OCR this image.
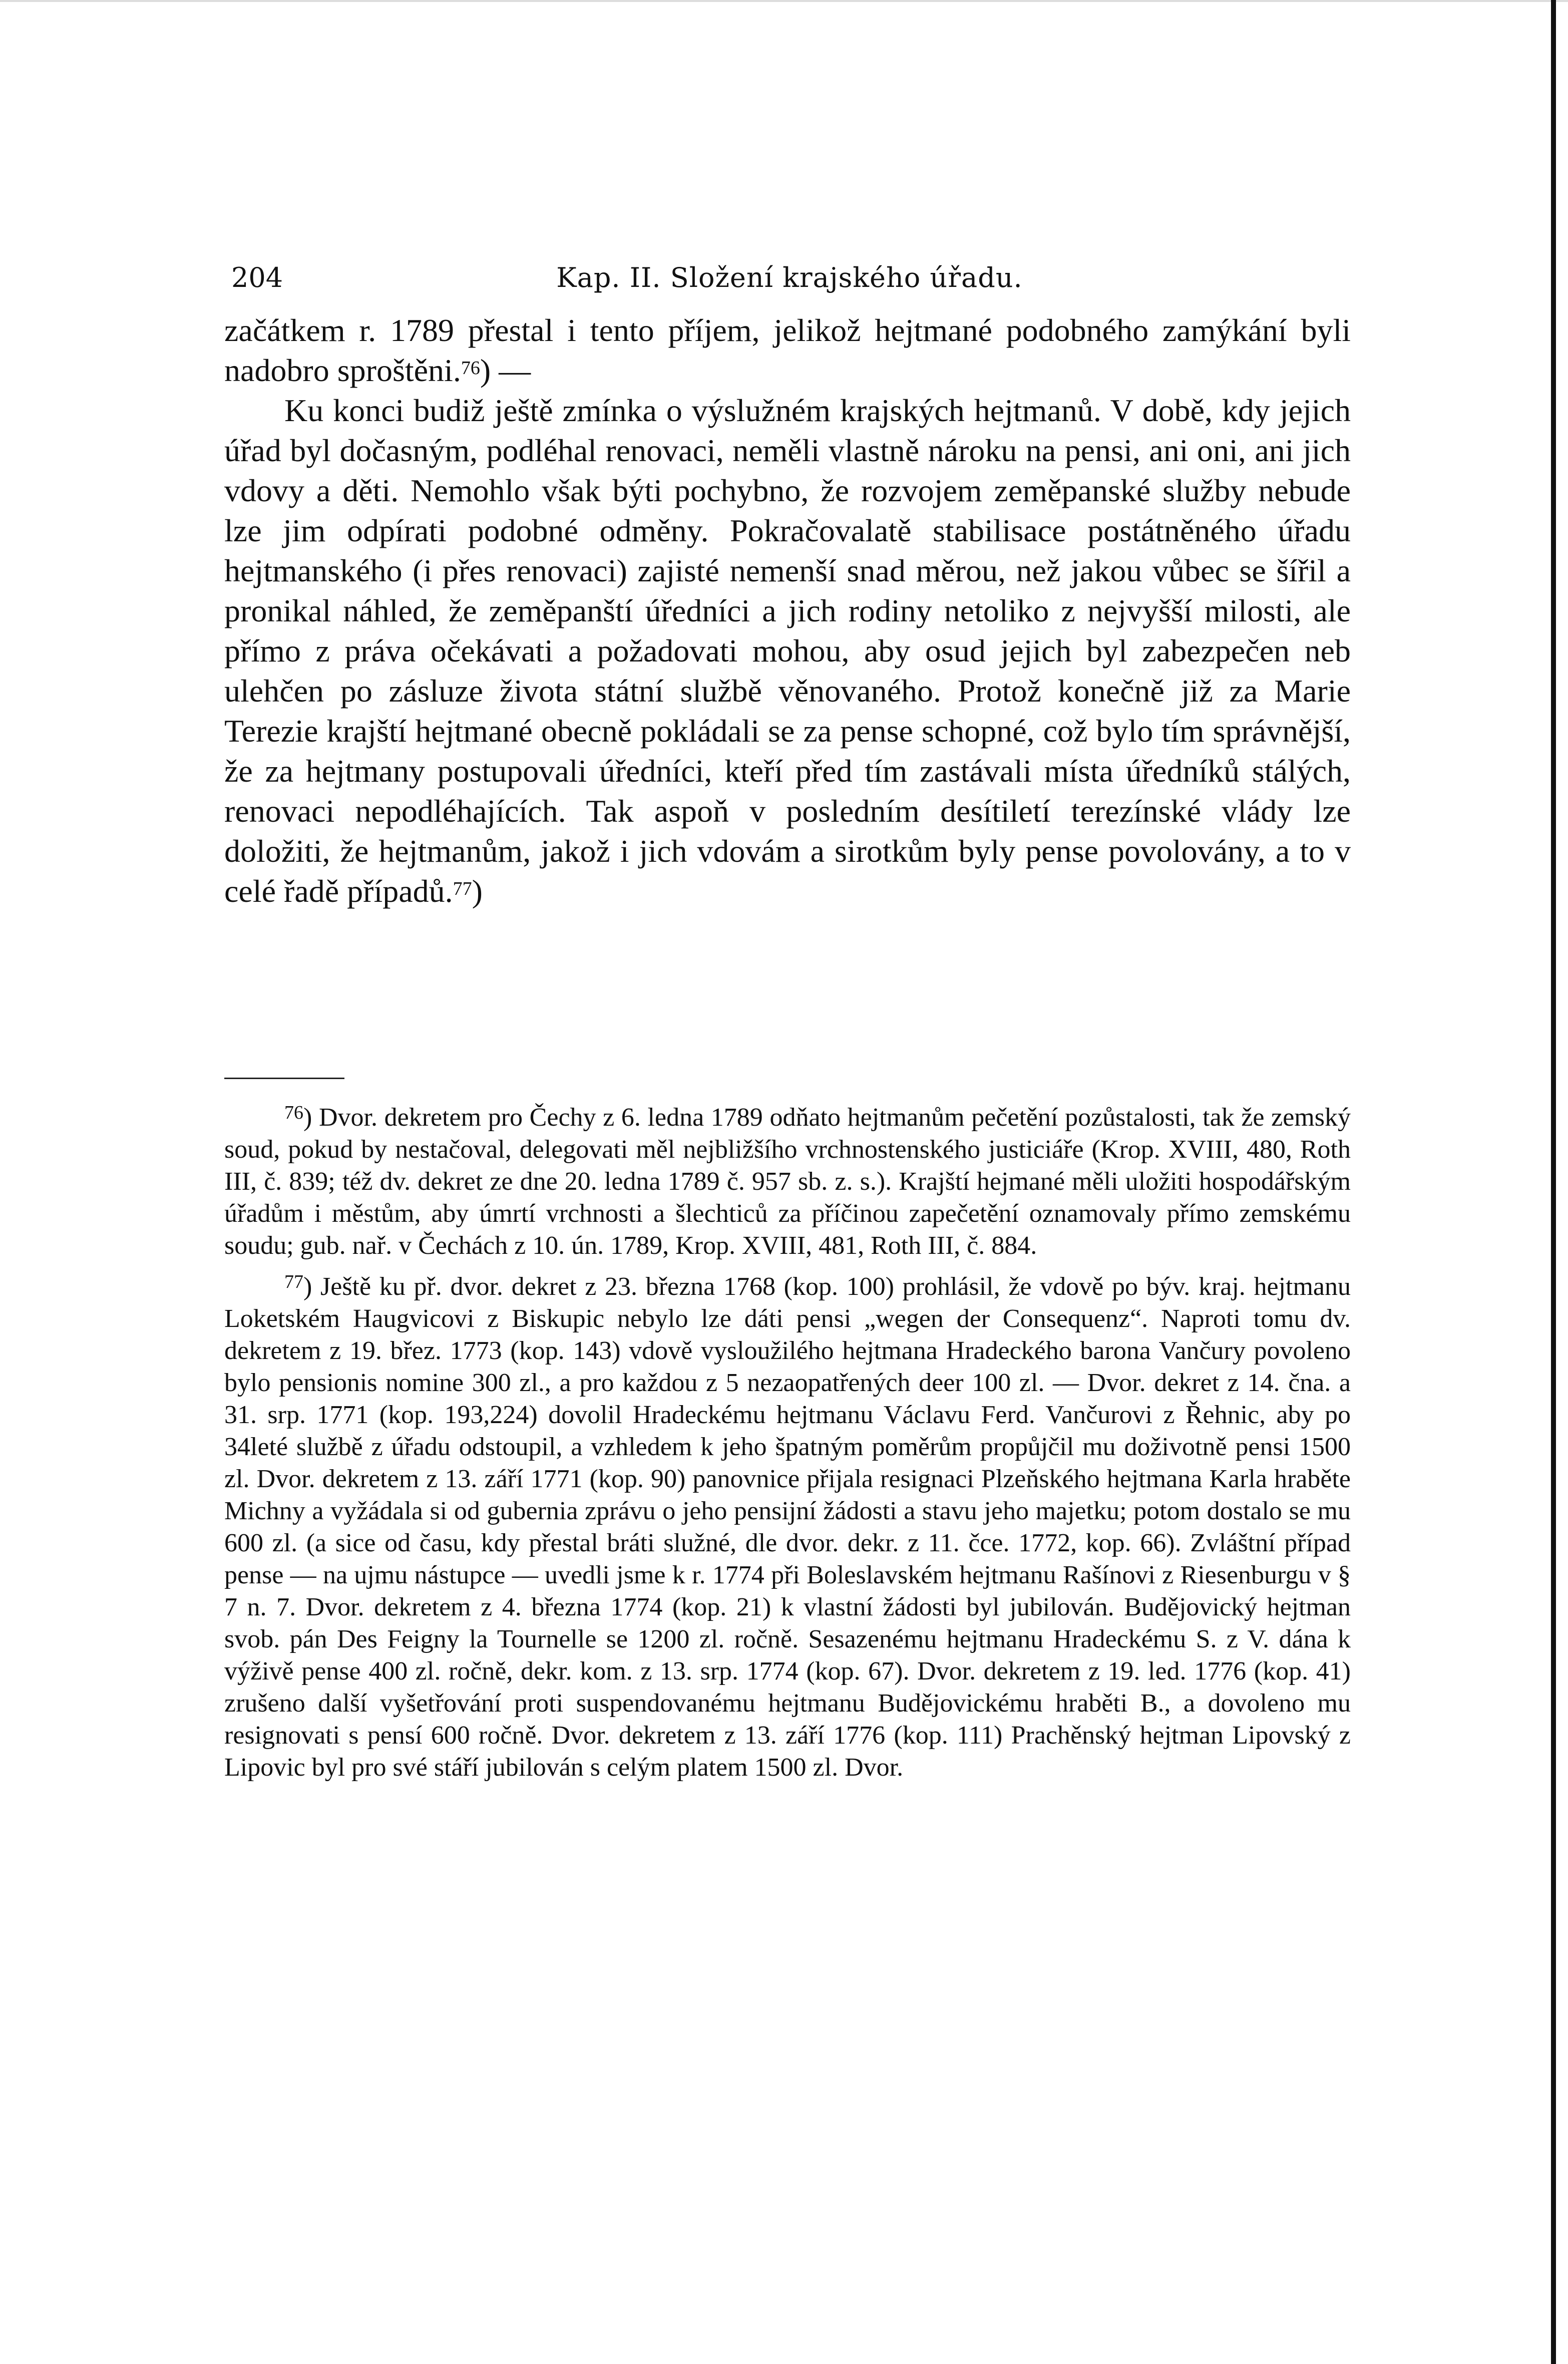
204	Kap. II. Složení krajského úřadu.

začátkem r. 1789 přestal i tento příjem, jelikož hejtmané podobného zamýkání byli nadobro sproštěni.$^{76}$) —

Ku konci budiž ještě zmínka o výslužném krajských hejtmanů. V době, kdy jejich úřad byl dočasným, podléhal renovaci, neměli vlastně nároku na pensi, ani oni, ani jich vdovy a děti. Nemohlo však býti pochybno, že rozvojem zeměpanské služby nebude lze jim odpírati podobné odměny. Pokračovalatě stabilisace postátněného úřadu hejtmanského (i přes renovaci) zajisté nemenší snad měrou, než jakou vůbec se šířil a pronikal náhled, že zeměpanští úředníci a jich rodiny netoliko z nejvyšší milosti, ale přímo z práva očekávati a požadovati mohou, aby osud jejich byl zabezpečen neb ulehčen po zásluze života státní službě věnovaného. Protož konečně již za Marie Terezie krajští hejtmané obecně pokládali se za pense schopné, což bylo tím správnější, že za hejtmany postupovali úředníci, kteří před tím zastávali místa úředníků stálých, renovaci nepodléhajících. Tak aspoň v posledním desítiletí terezínské vlády lze doložiti, že hejtmanům, jakož i jich vdovám a sirotkům byly pense povolovány, a to v celé řadě případů.$^{77}$)

$^{76}$) Dvor. dekretem pro Čechy z 6. ledna 1789 odňato hejtmanům pečetění pozůstalosti, tak že zemský soud, pokud by nestačoval, delegovati měl nejbližšího vrchnostenského justiciáře (Krop. XVIII, 480, Roth III, č. 839; též dv. dekret ze dne 20. ledna 1789 č. 957 sb. z. s.). Krajští hejmané měli uložiti hospodářským úřadům i městům, aby úmrtí vrchnosti a šlechticů za příčinou zapečetění oznamovaly přímo zemskému soudu; gub. nař. v Čechách z 10. ún. 1789, Krop. XVIII, 481, Roth III, č. 884.

$^{77}$) Ještě ku př. dvor. dekret z 23. března 1768 (kop. 100) prohlásil, že vdově po býv. kraj. hejtmanu Loketském Haugvicovi z Biskupic nebylo lze dáti pensi „wegen der Consequenz“. Naproti tomu dv. dekretem z 19. břez. 1773 (kop. 143) vdově vysloužilého hejtmana Hradeckého barona Vančury povoleno bylo pensionis nomine 300 zl., a pro každou z 5 nezaopatřených deer 100 zl. — Dvor. dekret z 14. čna. a 31. srp. 1771 (kop. 193,224) dovolil Hradeckému hejtmanu Václavu Ferd. Vančurovi z Řehnic, aby po 34leté službě z úřadu odstoupil, a vzhledem k jeho špatným poměrům propůjčil mu doživotně pensi 1500 zl. Dvor. dekretem z 13. září 1771 (kop. 90) panovnice přijala resignaci Plzeňského hejtmana Karla hraběte Michny a vyžádala si od gubernia zprávu o jeho pensijní žádosti a stavu jeho majetku; potom dostalo se mu 600 zl. (a sice od času, kdy přestal bráti služné, dle dvor. dekr. z 11. čce. 1772, kop. 66). Zvláštní případ pense — na ujmu nástupce — uvedli jsme k r. 1774 při Boleslavském hejtmanu Rašínovi z Riesenburgu v § 7 n. 7. Dvor. dekretem z 4. března 1774 (kop. 21) k vlastní žádosti byl jubilován. Budějovický hejtman svob. pán Des Feigny la Tournelle se 1200 zl. ročně. Sesazenému hejtmanu Hradeckému S. z V. dána k výživě pense 400 zl. ročně, dekr. kom. z 13. srp. 1774 (kop. 67). Dvor. dekretem z 19. led. 1776 (kop. 41) zrušeno další vyšetřování proti suspendovanému hejtmanu Budějovickému hraběti B., a dovoleno mu resignovati s pensí 600 ročně. Dvor. dekretem z 13. září 1776 (kop. 111) Prachěnský hejtman Lipovský z Lipovic byl pro své stáří jubilován s celým platem 1500 zl. Dvor.
